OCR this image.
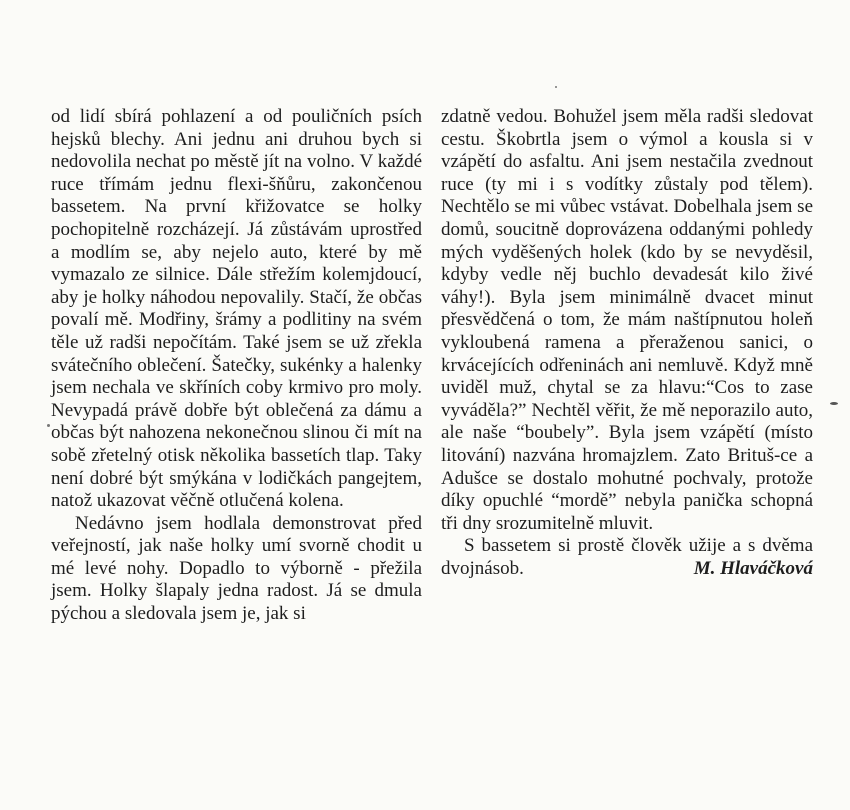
od lidí sbírá pohlazení a od pouličních psích hejsků blechy. Ani jednu ani druhou bych si nedovolila nechat po městě jít na volno. V každé ruce třímám jednu flexi-šňůru, zakončenou bassetem. Na první křižovatce se holky pochopitelně rozcházejí. Já zůstávám uprostřed a modlím se, aby nejelo auto, které by mě vymazalo ze silnice. Dále střežím kolemjdoucí, aby je holky náhodou nepovalily. Stačí, že občas povalí mě. Modřiny, šrámy a podlitiny na svém těle už radši nepočítám. Také jsem se už zřekla svátečního oblečení. Šatečky, sukénky a halenky jsem nechala ve skříních coby krmivo pro moly. Nevypadá právě dobře být oblečená za dámu a občas být nahozena nekonečnou slinou či mít na sobě zřetelný otisk několika bassetích tlap. Taky není dobré být smýkána v lodičkách pangejtem, natož ukazovat věčně otlučená kolena.

Nedávno jsem hodlala demonstrovat před veřejností, jak naše holky umí svorně chodit u mé levé nohy. Dopadlo to výborně - přežila jsem. Holky šlapaly jedna radost. Já se dmula pýchou a sledovala jsem je, jak si

zdatně vedou. Bohužel jsem měla radši sledovat cestu. Škobrtla jsem o výmol a kousla si v vzápětí do asfaltu. Ani jsem nestačila zvednout ruce (ty mi i s vodítky zůstaly pod tělem). Nechtělo se mi vůbec vstávat. Dobelhala jsem se domů, soucitně doprovázena oddanými pohledy mých vyděšených holek (kdo by se nevyděsil, kdyby vedle něj buchlo devadesát kilo živé váhy!). Byla jsem minimálně dvacet minut přesvědčená o tom, že mám naštípnutou holeň vykloubená ramena a přeraženou sanici, o krvácejících odřeninách ani nemluvě. Když mně uviděl muž, chytal se za hlavu:“Cos to zase vyváděla?” Nechtěl věřit, že mě neporazilo auto, ale naše “boubely”. Byla jsem vzápětí (místo litování) nazvána hromajzlem. Zato Brituš-ce a Adušce se dostalo mohutné pochvaly, protože díky opuchlé “mordě” nebyla panička schopná tři dny srozumitelně mluvit.

S bassetem si prostě člověk užije a s dvěma dvojnásob.	M. Hlaváčková
